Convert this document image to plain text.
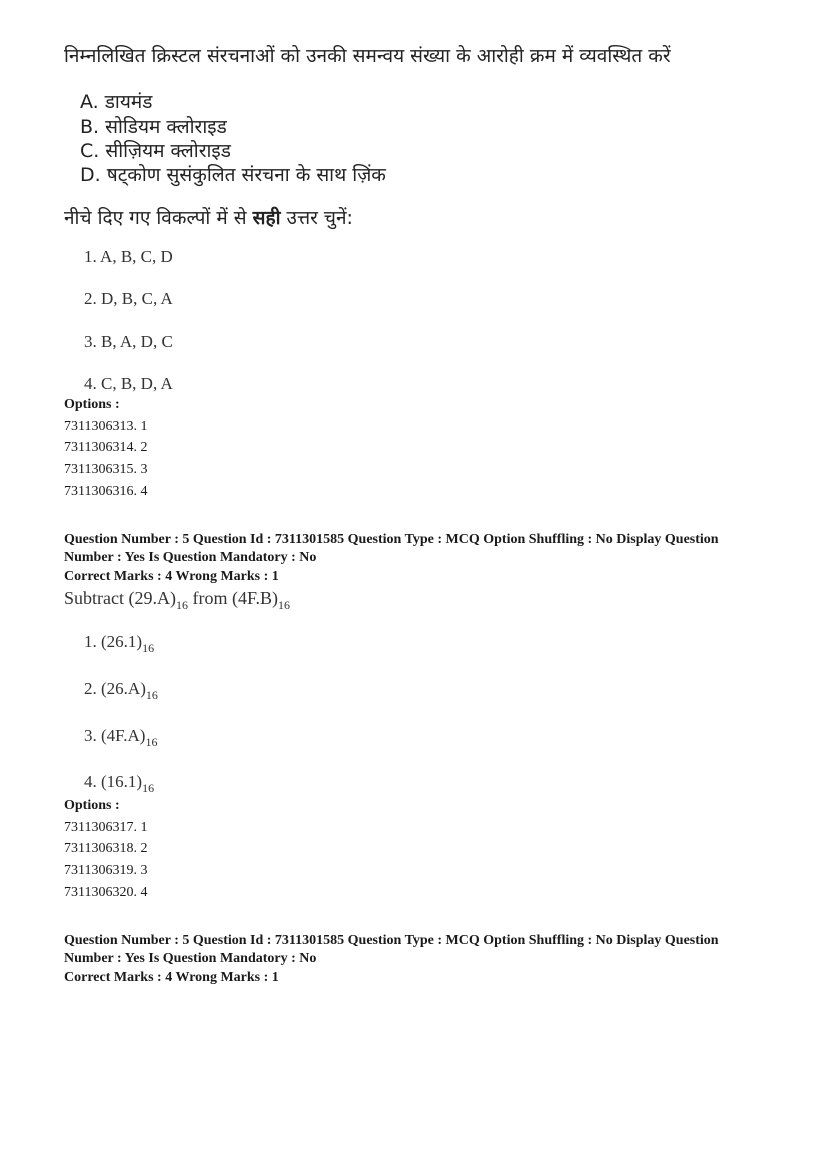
निम्नलिखित क्रिस्टल संरचनाओं को उनकी समन्वय संख्या के आरोही क्रम में व्यवस्थित करें
A. डायमंड
B. सोडियम क्लोराइड
C. सीज़ियम क्लोराइड
D. षट्कोण सुसंकुलित संरचना के साथ ज़िंक
नीचे दिए गए विकल्पों में से सही उत्तर चुनें:
1. A, B, C, D
2. D, B, C, A
3. B, A, D, C
4. C, B, D, A
Options :
7311306313. 1
7311306314. 2
7311306315. 3
7311306316. 4
Question Number : 5 Question Id : 7311301585 Question Type : MCQ Option Shuffling : No Display Question
Number : Yes Is Question Mandatory : No
Correct Marks : 4 Wrong Marks : 1
Subtract $(29.A)_{16}$ from $(4F.B)_{16}$
1. $(26.1)_{16}$
2. $(26.A)_{16}$
3. $(4F.A)_{16}$
4. $(16.1)_{16}$
Options :
7311306317. 1
7311306318. 2
7311306319. 3
7311306320. 4
Question Number : 5 Question Id : 7311301585 Question Type : MCQ Option Shuffling : No Display Question
Number : Yes Is Question Mandatory : No
Correct Marks : 4 Wrong Marks : 1
